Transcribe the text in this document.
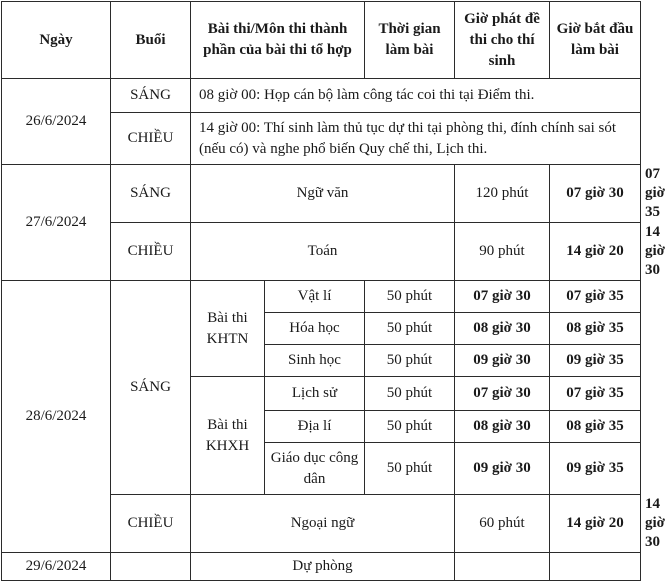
Ngày	Buổi	Bài thi/Môn thi thành phần của bài thi tổ hợp		Thời gian làm bài	Giờ phát đề thi cho thí sinh	Giờ bắt đầu làm bài	
26/6/2024	SÁNG	08 giờ 00: Họp cán bộ làm công tác coi thi tại Điểm thi.					
	CHIỀU	14 giờ 00: Thí sinh làm thủ tục dự thi tại phòng thi, đính chính sai sót (nếu có) và nghe phổ biến Quy chế thi, Lịch thi.					
27/6/2024	SÁNG	Ngữ văn			120 phút	07 giờ 30	07 giờ 35
	CHIỀU	Toán			90 phút	14 giờ 20	14 giờ 30
28/6/2024	SÁNG	Bài thi KHTN	Vật lí	50 phút	07 giờ 30	07 giờ 35	
			Hóa học	50 phút	08 giờ 30	08 giờ 35	
			Sinh học	50 phút	09 giờ 30	09 giờ 35	
		Bài thi KHXH	Lịch sử	50 phút	07 giờ 30	07 giờ 35	
			Địa lí	50 phút	08 giờ 30	08 giờ 35	
			Giáo dục công dân	50 phút	09 giờ 30	09 giờ 35	
	CHIỀU	Ngoại ngữ			60 phút	14 giờ 20	14 giờ 30
29/6/2024		Dự phòng					
